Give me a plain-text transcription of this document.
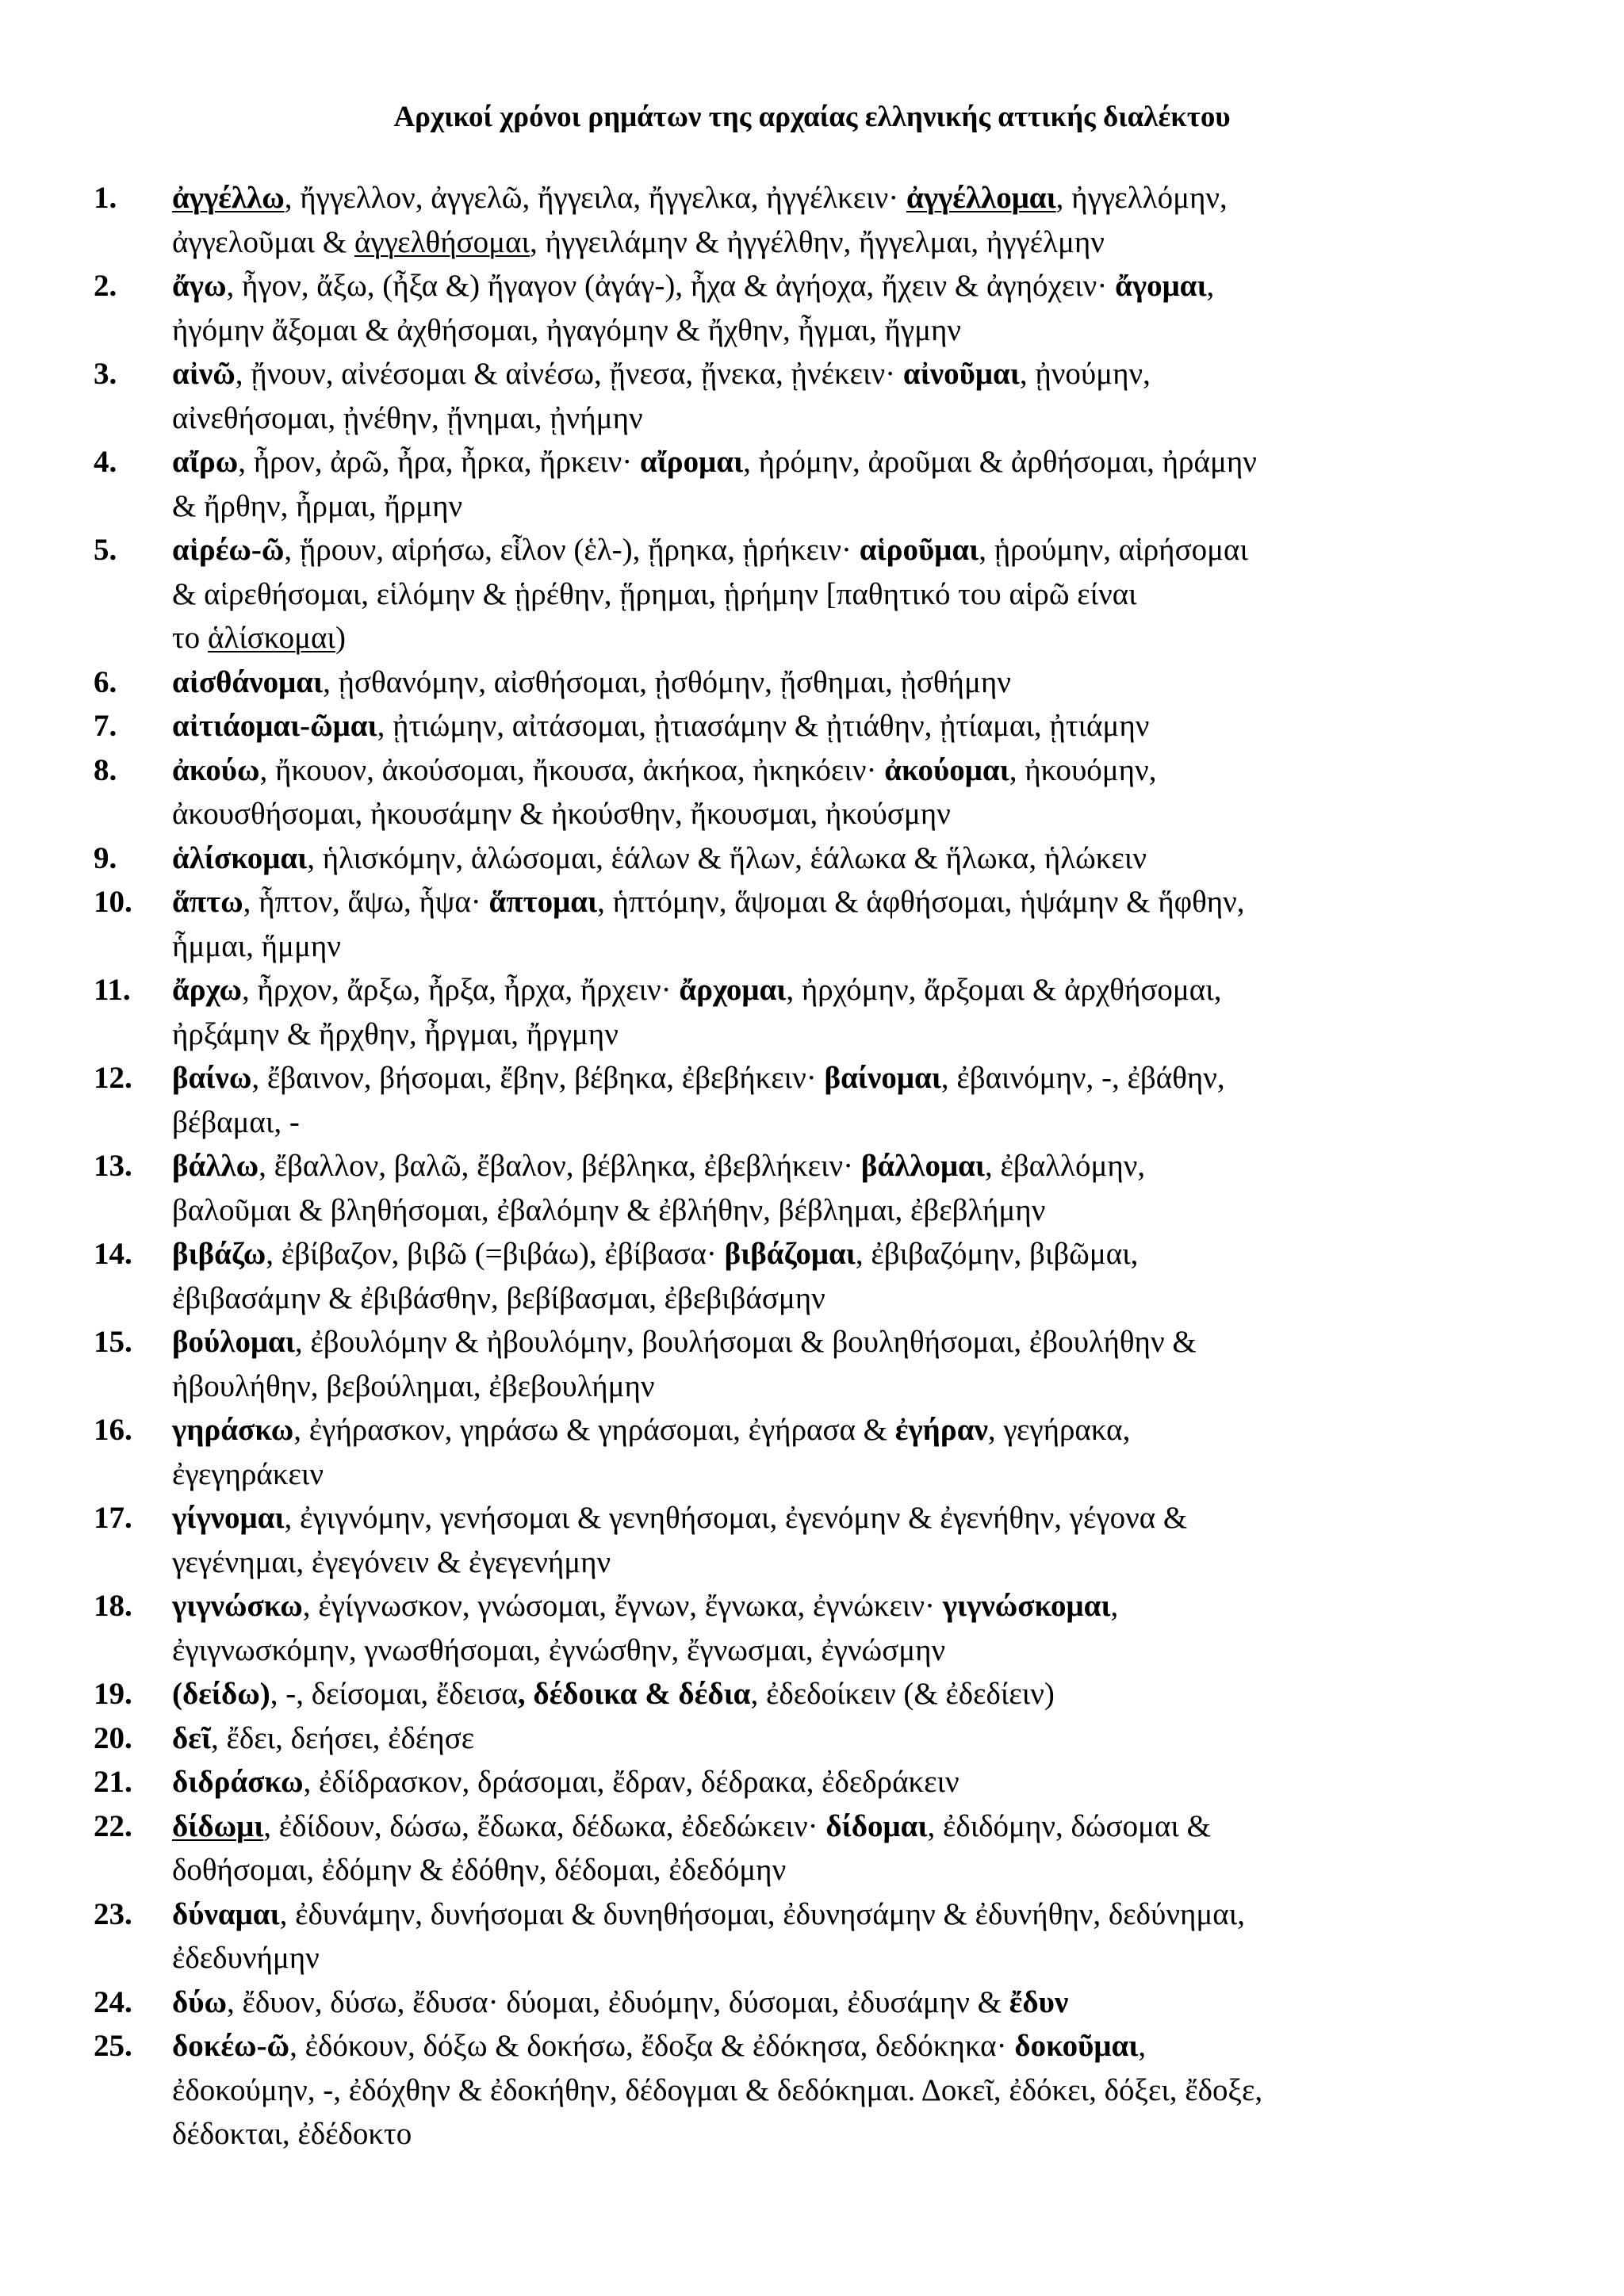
Αρχικοί χρόνοι ρημάτων της αρχαίας ελληνικής αττικής διαλέκτου
1.	ἀγγέλλω, ἤγγελλον, ἀγγελῶ, ἤγγειλα, ἤγγελκα, ἠγγέλκειν· ἀγγέλλομαι, ἠγγελλόμην,
ἀγγελοῦμαι & ἀγγελθήσομαι, ἠγγειλάμην & ἠγγέλθην, ἤγγελμαι, ἠγγέλμην
2.	ἄγω, ἦγον, ἄξω, (ἦξα &) ἤγαγον (ἀγάγ-), ἦχα & ἀγήοχα, ἤχειν & ἀγηόχειν· ἄγομαι,
ἠγόμην ἄξομαι & ἀχθήσομαι, ἠγαγόμην & ἤχθην, ἦγμαι, ἤγμην
3.	αἰνῶ, ᾔνουν, αἰνέσομαι & αἰνέσω, ᾔνεσα, ᾔνεκα, ᾐνέκειν· αἰνοῦμαι, ᾐνούμην,
αἰνεθήσομαι, ᾐνέθην, ᾔνημαι, ᾐνήμην
4.	αἴρω, ἦρον, ἀρῶ, ἦρα, ἦρκα, ἤρκειν· αἴρομαι, ἠρόμην, ἀροῦμαι & ἀρθήσομαι, ἠράμην
& ἤρθην, ἦρμαι, ἤρμην
5.	αἱρέω-ῶ, ᾕρουν, αἱρήσω, εἷλον (ἑλ-), ᾕρηκα, ᾑρήκειν· αἱροῦμαι, ᾑρούμην, αἱρήσομαι
& αἱρεθήσομαι, εἱλόμην & ᾑρέθην, ᾕρημαι, ᾑρήμην [παθητικό του αἱρῶ είναι
το ἁλίσκομαι)
6.	αἰσθάνομαι, ᾐσθανόμην, αἰσθήσομαι, ᾐσθόμην, ᾔσθημαι, ᾐσθήμην
7.	αἰτιάομαι-ῶμαι, ᾐτιώμην, αἰτάσομαι, ᾐτιασάμην & ᾐτιάθην, ᾐτίαμαι, ᾐτιάμην
8.	ἀκούω, ἤκουον, ἀκούσομαι, ἤκουσα, ἀκήκοα, ἠκηκόειν· ἀκούομαι, ἠκουόμην,
ἀκουσθήσομαι, ἠκουσάμην & ἠκούσθην, ἤκουσμαι, ἠκούσμην
9.	ἁλίσκομαι, ἡλισκόμην, ἁλώσομαι, ἑάλων & ἥλων, ἑάλωκα & ἥλωκα, ἡλώκειν
10.	ἅπτω, ἧπτον, ἅψω, ἧψα· ἅπτομαι, ἡπτόμην, ἅψομαι & ἁφθήσομαι, ἡψάμην & ἥφθην,
ἧμμαι, ἥμμην
11.	ἄρχω, ἦρχον, ἄρξω, ἦρξα, ἦρχα, ἤρχειν· ἄρχομαι, ἠρχόμην, ἄρξομαι & ἀρχθήσομαι,
ἠρξάμην & ἤρχθην, ἦργμαι, ἤργμην
12.	βαίνω, ἔβαινον, βήσομαι, ἔβην, βέβηκα, ἐβεβήκειν· βαίνομαι, ἐβαινόμην, -, ἐβάθην,
βέβαμαι, -
13.	βάλλω, ἔβαλλον, βαλῶ, ἔβαλον, βέβληκα, ἐβεβλήκειν· βάλλομαι, ἐβαλλόμην,
βαλοῦμαι & βληθήσομαι, ἐβαλόμην & ἐβλήθην, βέβλημαι, ἐβεβλήμην
14.	βιβάζω, ἐβίβαζον, βιβῶ (=βιβάω), ἐβίβασα· βιβάζομαι, ἐβιβαζόμην, βιβῶμαι,
ἐβιβασάμην & ἐβιβάσθην, βεβίβασμαι, ἐβεβιβάσμην
15.	βούλομαι, ἐβουλόμην & ἠβουλόμην, βουλήσομαι & βουληθήσομαι, ἐβουλήθην &
ἠβουλήθην, βεβούλημαι, ἐβεβουλήμην
16.	γηράσκω, ἐγήρασκον, γηράσω & γηράσομαι, ἐγήρασα & ἐγήραν, γεγήρακα,
ἐγεγηράκειν
17.	γίγνομαι, ἐγιγνόμην, γενήσομαι & γενηθήσομαι, ἐγενόμην & ἐγενήθην, γέγονα &
γεγένημαι, ἐγεγόνειν & ἐγεγενήμην
18.	γιγνώσκω, ἐγίγνωσκον, γνώσομαι, ἔγνων, ἔγνωκα, ἐγνώκειν· γιγνώσκομαι,
ἐγιγνωσκόμην, γνωσθήσομαι, ἐγνώσθην, ἔγνωσμαι, ἐγνώσμην
19.	(δείδω), -, δείσομαι, ἔδεισα, δέδοικα & δέδια, ἐδεδοίκειν (& ἐδεδίειν)
20.	δεῖ, ἔδει, δεήσει, ἐδέησε
21.	διδράσκω, ἐδίδρασκον, δράσομαι, ἔδραν, δέδρακα, ἐδεδράκειν
22.	δίδωμι, ἐδίδουν, δώσω, ἔδωκα, δέδωκα, ἐδεδώκειν· δίδομαι, ἐδιδόμην, δώσομαι &
δοθήσομαι, ἐδόμην & ἐδόθην, δέδομαι, ἐδεδόμην
23.	δύναμαι, ἐδυνάμην, δυνήσομαι & δυνηθήσομαι, ἐδυνησάμην & ἐδυνήθην, δεδύνημαι,
ἐδεδυνήμην
24.	δύω, ἔδυον, δύσω, ἔδυσα· δύομαι, ἐδυόμην, δύσομαι, ἐδυσάμην & ἔδυν
25.	δοκέω-ῶ, ἐδόκουν, δόξω & δοκήσω, ἔδοξα & ἐδόκησα, δεδόκηκα· δοκοῦμαι,
ἐδοκούμην, -, ἐδόχθην & ἐδοκήθην, δέδογμαι & δεδόκημαι. Δοκεῖ, ἐδόκει, δόξει, ἔδοξε,
δέδοκται, ἐδέδοκτο
